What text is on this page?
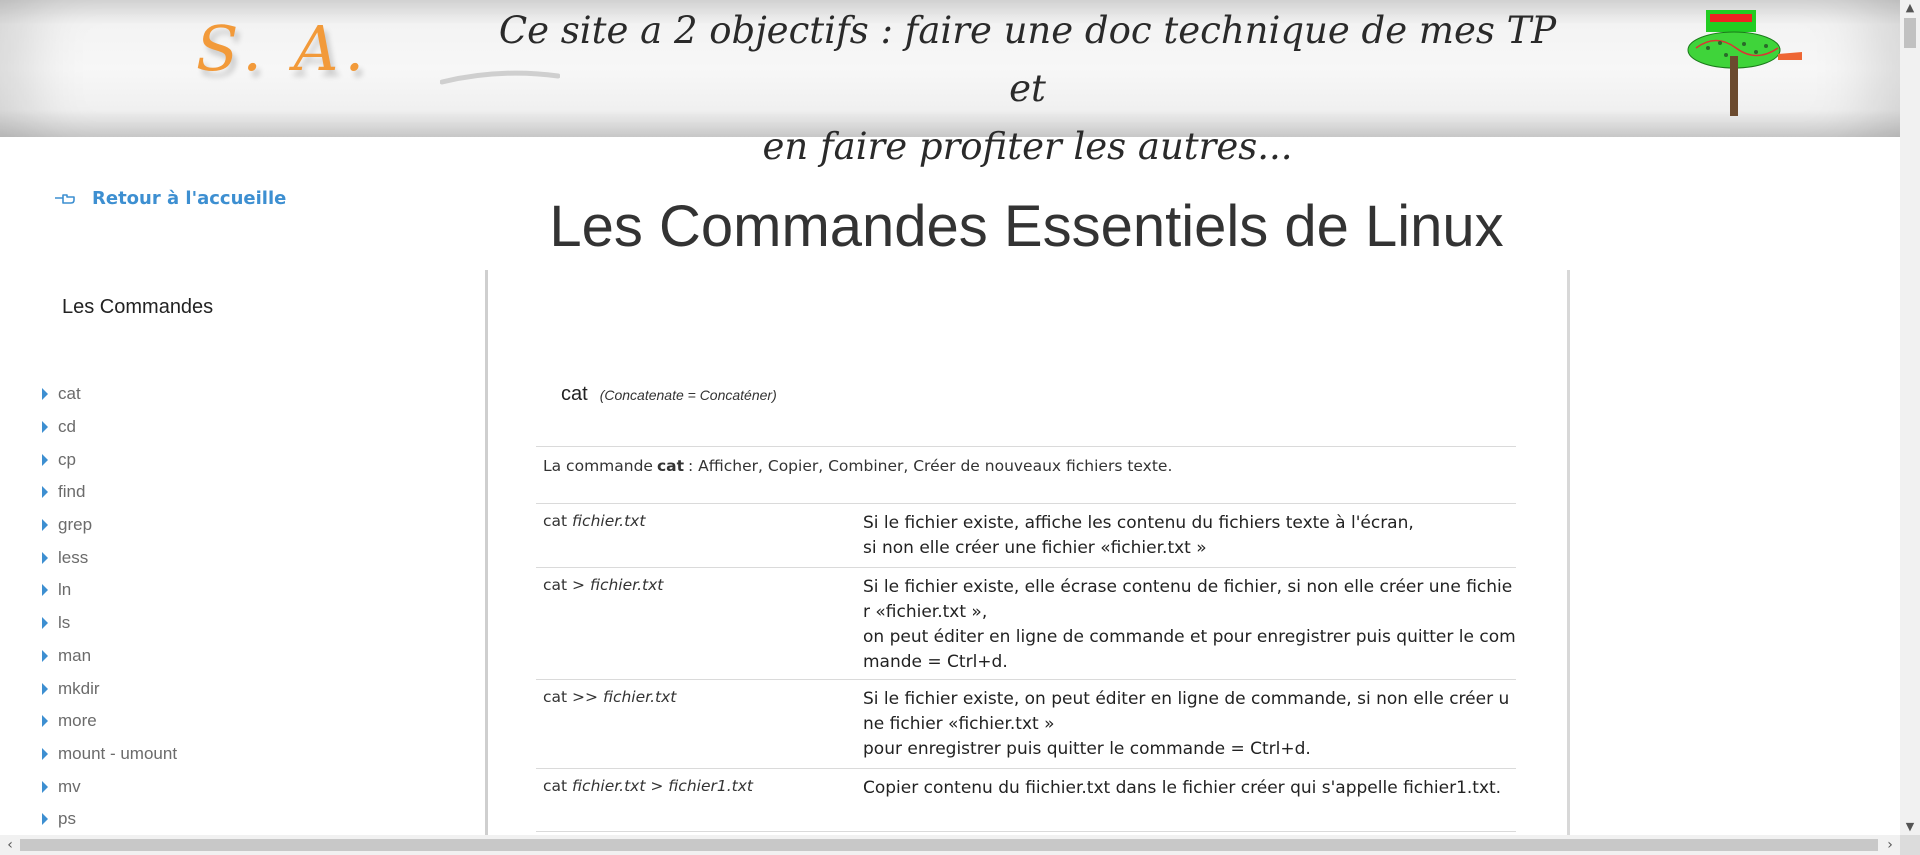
S. A.	Ce site a 2 objectifs : faire une doc technique de mes TP et
en faire profiter les autres...
Retour à l'accueille
Les Commandes
cat
cd
cp
find
grep
less
ln
ls
man
mkdir
more
mount - umount
mv
ps
Les Commandes Essentiels de Linux
cat (Concatenate = Concaténer)
La commande cat : Afficher, Copier, Combiner, Créer de nouveaux fichiers texte.
cat fichier.txt	Si le fichier existe, affiche les contenu du fichiers texte à l'écran,
si non elle créer une fichier «fichier.txt »
cat > fichier.txt	Si le fichier existe, elle écrase contenu de fichier, si non elle créer une fichier «fichier.txt »,
on peut éditer en ligne de commande et pour enregistrer puis quitter le commande = Ctrl+d.
cat >> fichier.txt	Si le fichier existe, on peut éditer en ligne de commande, si non elle créer une fichier «fichier.txt »
pour enregistrer puis quitter le commande = Ctrl+d.
cat fichier.txt > fichier1.txt	Copier contenu du fiichier.txt dans le fichier créer qui s'appelle fichier1.txt.
▲
▼
‹	›
